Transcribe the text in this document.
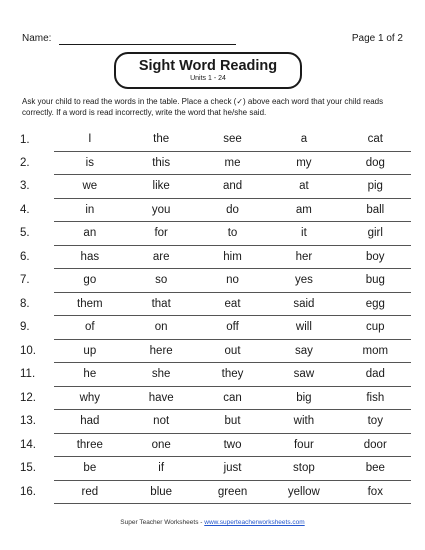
Name:	Page 1 of 2
Sight Word Reading
Units 1 - 24
Ask your child to read the words in the table. Place a check (✓) above each word that your child reads correctly. If a word is read incorrectly, write the word that he/she said.
1.	I	the	see	a	cat
2.	is	this	me	my	dog
3.	we	like	and	at	pig
4.	in	you	do	am	ball
5.	an	for	to	it	girl
6.	has	are	him	her	boy
7.	go	so	no	yes	bug
8.	them	that	eat	said	egg
9.	of	on	off	will	cup
10.	up	here	out	say	mom
11.	he	she	they	saw	dad
12.	why	have	can	big	fish
13.	had	not	but	with	toy
14.	three	one	two	four	door
15.	be	if	just	stop	bee
16.	red	blue	green	yellow	fox
Super Teacher Worksheets - www.superteacherworksheets.com
